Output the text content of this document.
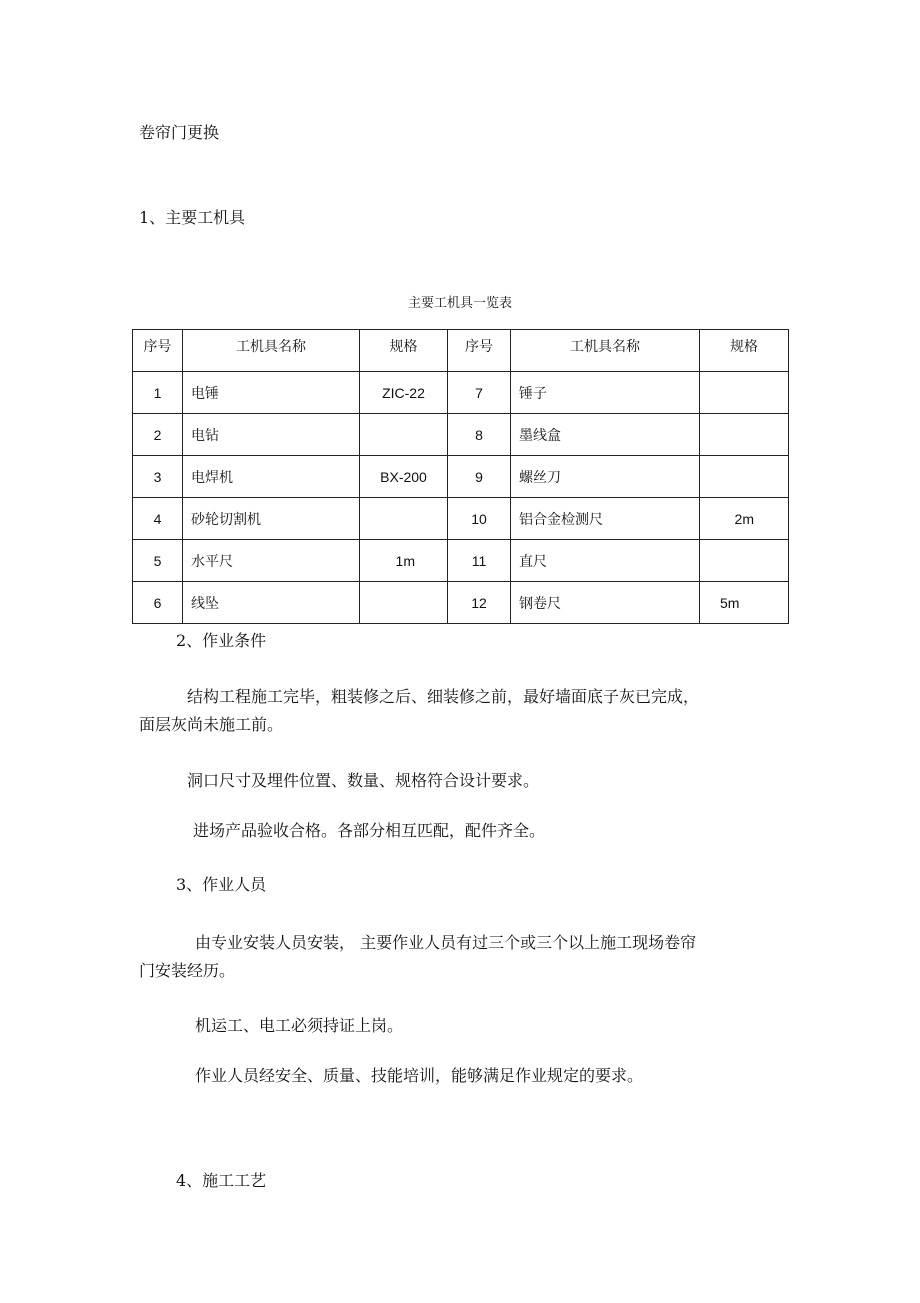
卷帘门更换
1、主要工机具
主要工机具一览表
序号	工机具名称	规格	序号	工机具名称	规格
1	电锤	ZIC-22	7	锤子	
2	电钻		8	墨线盒	
3	电焊机	BX-200	9	螺丝刀	
4	砂轮切割机		10	铝合金检测尺	2m
5	水平尺	1m	11	直尺	
6	线坠		12	钢卷尺	5m
2、作业条件
结构工程施工完毕，粗装修之后、细装修之前，最好墙面底子灰已完成，
面层灰尚未施工前。
洞口尺寸及埋件位置、数量、规格符合设计要求。
进场产品验收合格。各部分相互匹配，配件齐全。
3、作业人员
由专业安装人员安装， 主要作业人员有过三个或三个以上施工现场卷帘
门安装经历。
机运工、电工必须持证上岗。
作业人员经安全、质量、技能培训，能够满足作业规定的要求。
4、施工工艺
